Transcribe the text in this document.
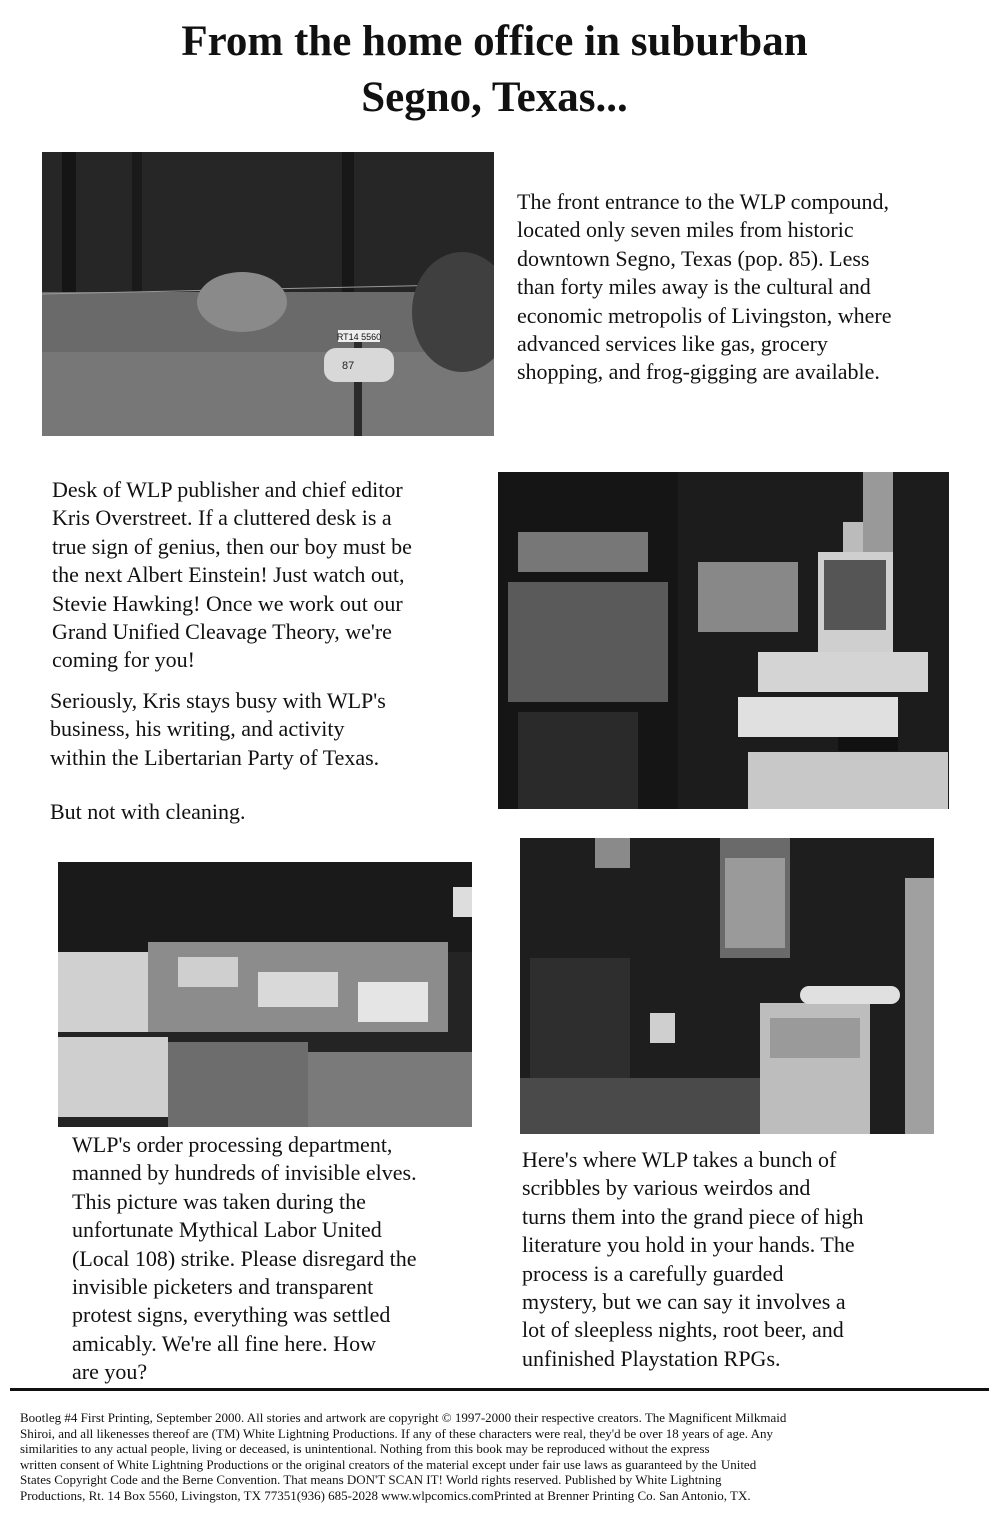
From the home office in suburban
Segno, Texas...
RT14 5560
87
The front entrance to the WLP compound,
located only seven miles from historic
downtown Segno, Texas (pop. 85). Less
than forty miles away is the cultural and
economic metropolis of Livingston, where
advanced services like gas, grocery
shopping, and frog-gigging are available.
Desk of WLP publisher and chief editor
Kris Overstreet. If a cluttered desk is a
true sign of genius, then our boy must be
the next Albert Einstein! Just watch out,
Stevie Hawking! Once we work out our
Grand Unified Cleavage Theory, we're
coming for you!
Seriously, Kris stays busy with WLP's
business, his writing, and activity
within the Libertarian Party of Texas.
But not with cleaning.
WLP's order processing department,
manned by hundreds of invisible elves.
This picture was taken during the
unfortunate Mythical Labor United
(Local 108) strike. Please disregard the
invisible picketers and transparent
protest signs, everything was settled
amicably. We're all fine here. How
are you?
Here's where WLP takes a bunch of
scribbles by various weirdos and
turns them into the grand piece of high
literature you hold in your hands. The
process is a carefully guarded
mystery, but we can say it involves a
lot of sleepless nights, root beer, and
unfinished Playstation RPGs.
Bootleg #4 First Printing, September 2000. All stories and artwork are copyright © 1997-2000 their respective creators. The Magnificent Milkmaid
Shiroi, and all likenesses thereof are (TM) White Lightning Productions. If any of these characters were real, they'd be over 18 years of age. Any
similarities to any actual people, living or deceased, is unintentional. Nothing from this book may be reproduced without the express
written consent of White Lightning Productions or the original creators of the material except under fair use laws as guaranteed by the United
States Copyright Code and the Berne Convention. That means DON'T SCAN IT! World rights reserved. Published by White Lightning
Productions, Rt. 14 Box 5560, Livingston, TX 77351(936) 685-2028 www.wlpcomics.comPrinted at Brenner Printing Co. San Antonio, TX.
